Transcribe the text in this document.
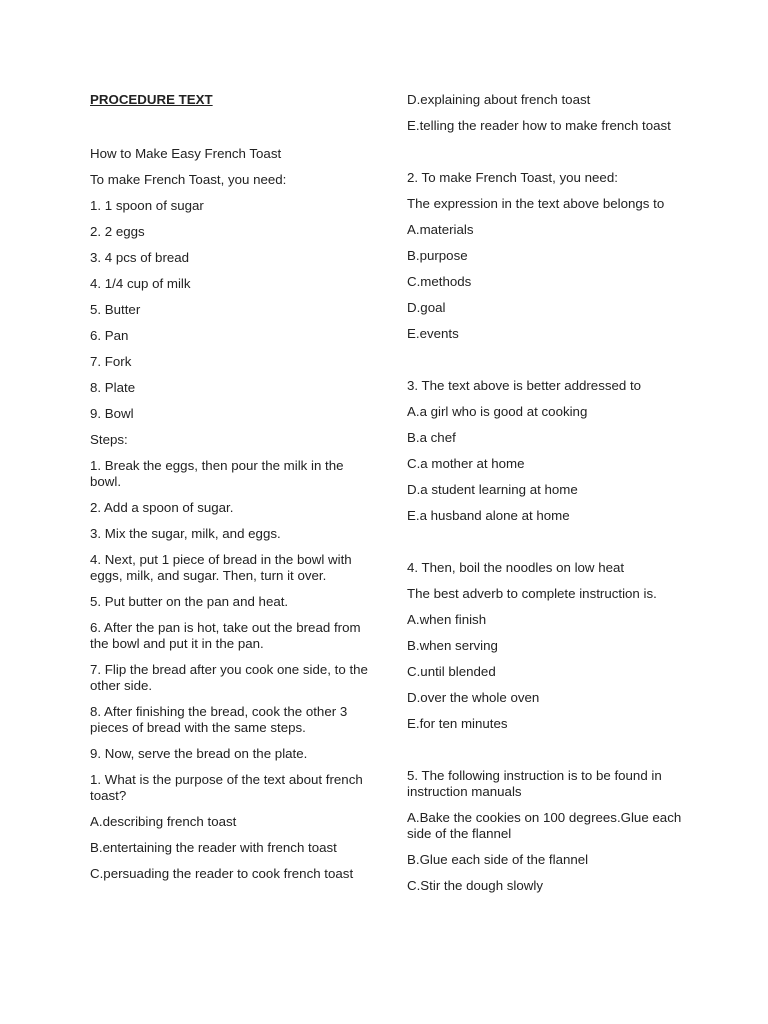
PROCEDURE TEXT
How to Make Easy French Toast
To make French Toast, you need:
1. 1 spoon of sugar
2. 2 eggs
3. 4 pcs of bread
4. 1/4 cup of milk
5. Butter
6. Pan
7. Fork
8. Plate
9. Bowl
Steps:
1. Break the eggs, then pour the milk in the bowl.
2. Add a spoon of sugar.
3. Mix the sugar, milk, and eggs.
4. Next, put 1 piece of bread in the bowl with eggs, milk, and sugar. Then, turn it over.
5. Put butter on the pan and heat.
6. After the pan is hot, take out the bread from the bowl and put it in the pan.
7. Flip the bread after you cook one side, to the other side.
8. After finishing the bread, cook the other 3 pieces of bread with the same steps.
9. Now, serve the bread on the plate.
1. What is the purpose of the text about french toast?
A.describing french toast
B.entertaining the reader with french toast
C.persuading the reader to cook french toast
D.explaining about french toast
E.telling the reader how to make french toast
2. To make French Toast, you need:
The expression in the text above belongs to
A.materials
B.purpose
C.methods
D.goal
E.events
3. The text above is better addressed to
A.a girl who is good at cooking
B.a chef
C.a mother at home
D.a student learning at home
E.a husband alone at home
4. Then, boil the noodles on low heat
The best adverb to complete instruction is.
A.when finish
B.when serving
C.until blended
D.over the whole oven
E.for ten minutes
5. The following instruction is to be found in instruction manuals
A.Bake the cookies on 100 degrees.Glue each side of the flannel
B.Glue each side of the flannel
C.Stir the dough slowly
